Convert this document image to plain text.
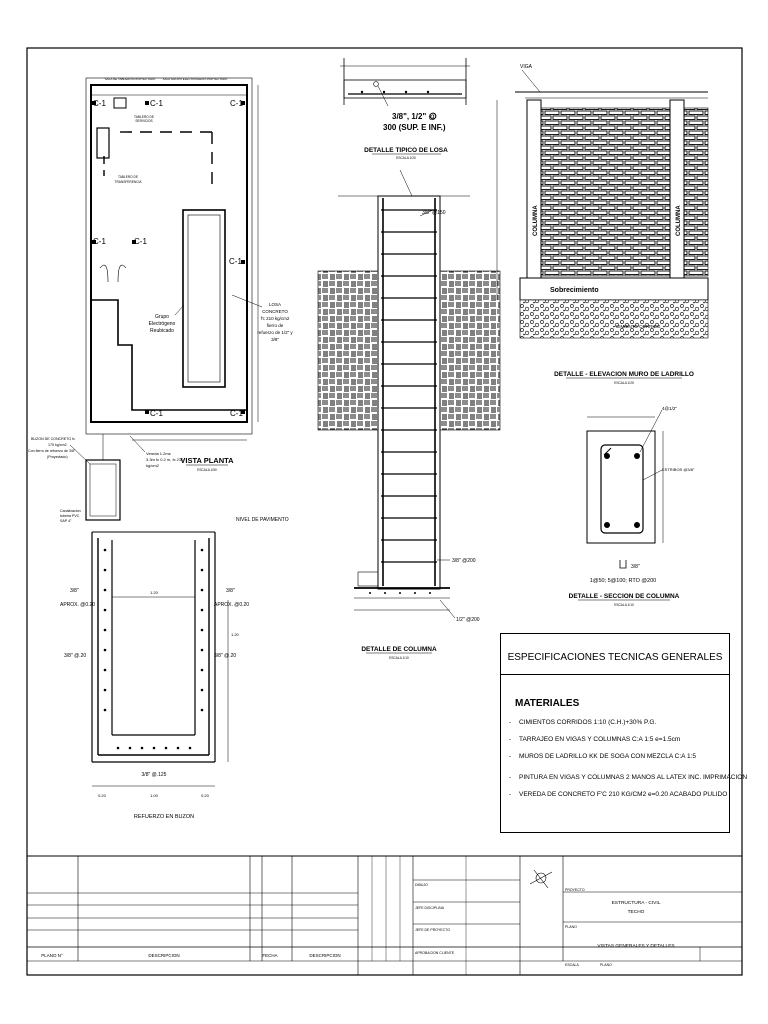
SALA DE TABLEROS PROYECTADO SALA GRUPO ELECTROGENO PROYECTADO
C-1	C-1	C-1
C-1	C-1
C-1
C-1	C-1
TABLERO DE
SERVICIOS
TABLERO DE
TRANSFERENCIA
Grupo
Electrógeno
Reubicado
LOSA
CONCRETO
f'c 210 kg/cm2
fierro de
refuerzo de 1/2" y
3/8"
BUZON DE CONCRETO fc
175 kg/cm2
Con fierro de refuerzo de 3/8"
(Proyectado)
Canalizacion
tuberia PVC
SAP 4"
Vereda 1.2ms
3.3m fc 0.2 m, fc 210
kg/cm2
VISTA PLANTA
ESCALA 1/50
3/8", 1/2" @
300 (SUP. E INF.)
DETALLE TIPICO DE LOSA
ESCALA 1/20
3/8" @150
3/8" @200
1/2" @200
DETALLE DE COLUMNA
ESCALA 1/10
VIGA
COLUMNA	COLUMNA
Sobrecimiento
CIMIENTO CORRIDO
DETALLE - ELEVACION MURO DE LADRILLO
ESCALA 1/25
4@1/2"
ESTRIBOS @3/8"
3/8"
1@50; 5@100; RTO @200
DETALLE - SECCION DE COLUMNA
ESCALA 1/10
NIVEL DE PAVIMENTO
1.20
3/8"
APROX. @0.20
3/8"
APROX. @0.20
3/8" @.20	3/8" @.20
1.20
3/8" @.125
0.20	1.00	0.20
REFUERZO EN BUZON
PLANO N°	DESCRIPCION	FECHA	DESCRIPCION
DIBUJO
JEFE DISCIPLINA
JEFE DE PROYECTO
APROBACION CLIENTE
PROYECTO
ESTRUCTURA - CIVIL
TECHO
PLANO
VISTAS GENERALES Y DETALLES
ESCALA	PLANO
ESPECIFICACIONES TECNICAS GENERALES
MATERIALES
- CIMIENTOS CORRIDOS 1:10 (C.H.)+30% P.G.
- TARRAJEO EN VIGAS Y COLUMNAS C:A 1:5 e=1.5cm
- MUROS DE LADRILLO KK DE SOGA CON MEZCLA C:A 1:5
- PINTURA EN VIGAS Y COLUMNAS 2 MANOS AL LATEX INC. IMPRIMACION
- VEREDA DE CONCRETO F'C 210 KG/CM2 e=0.20 ACABADO PULIDO
